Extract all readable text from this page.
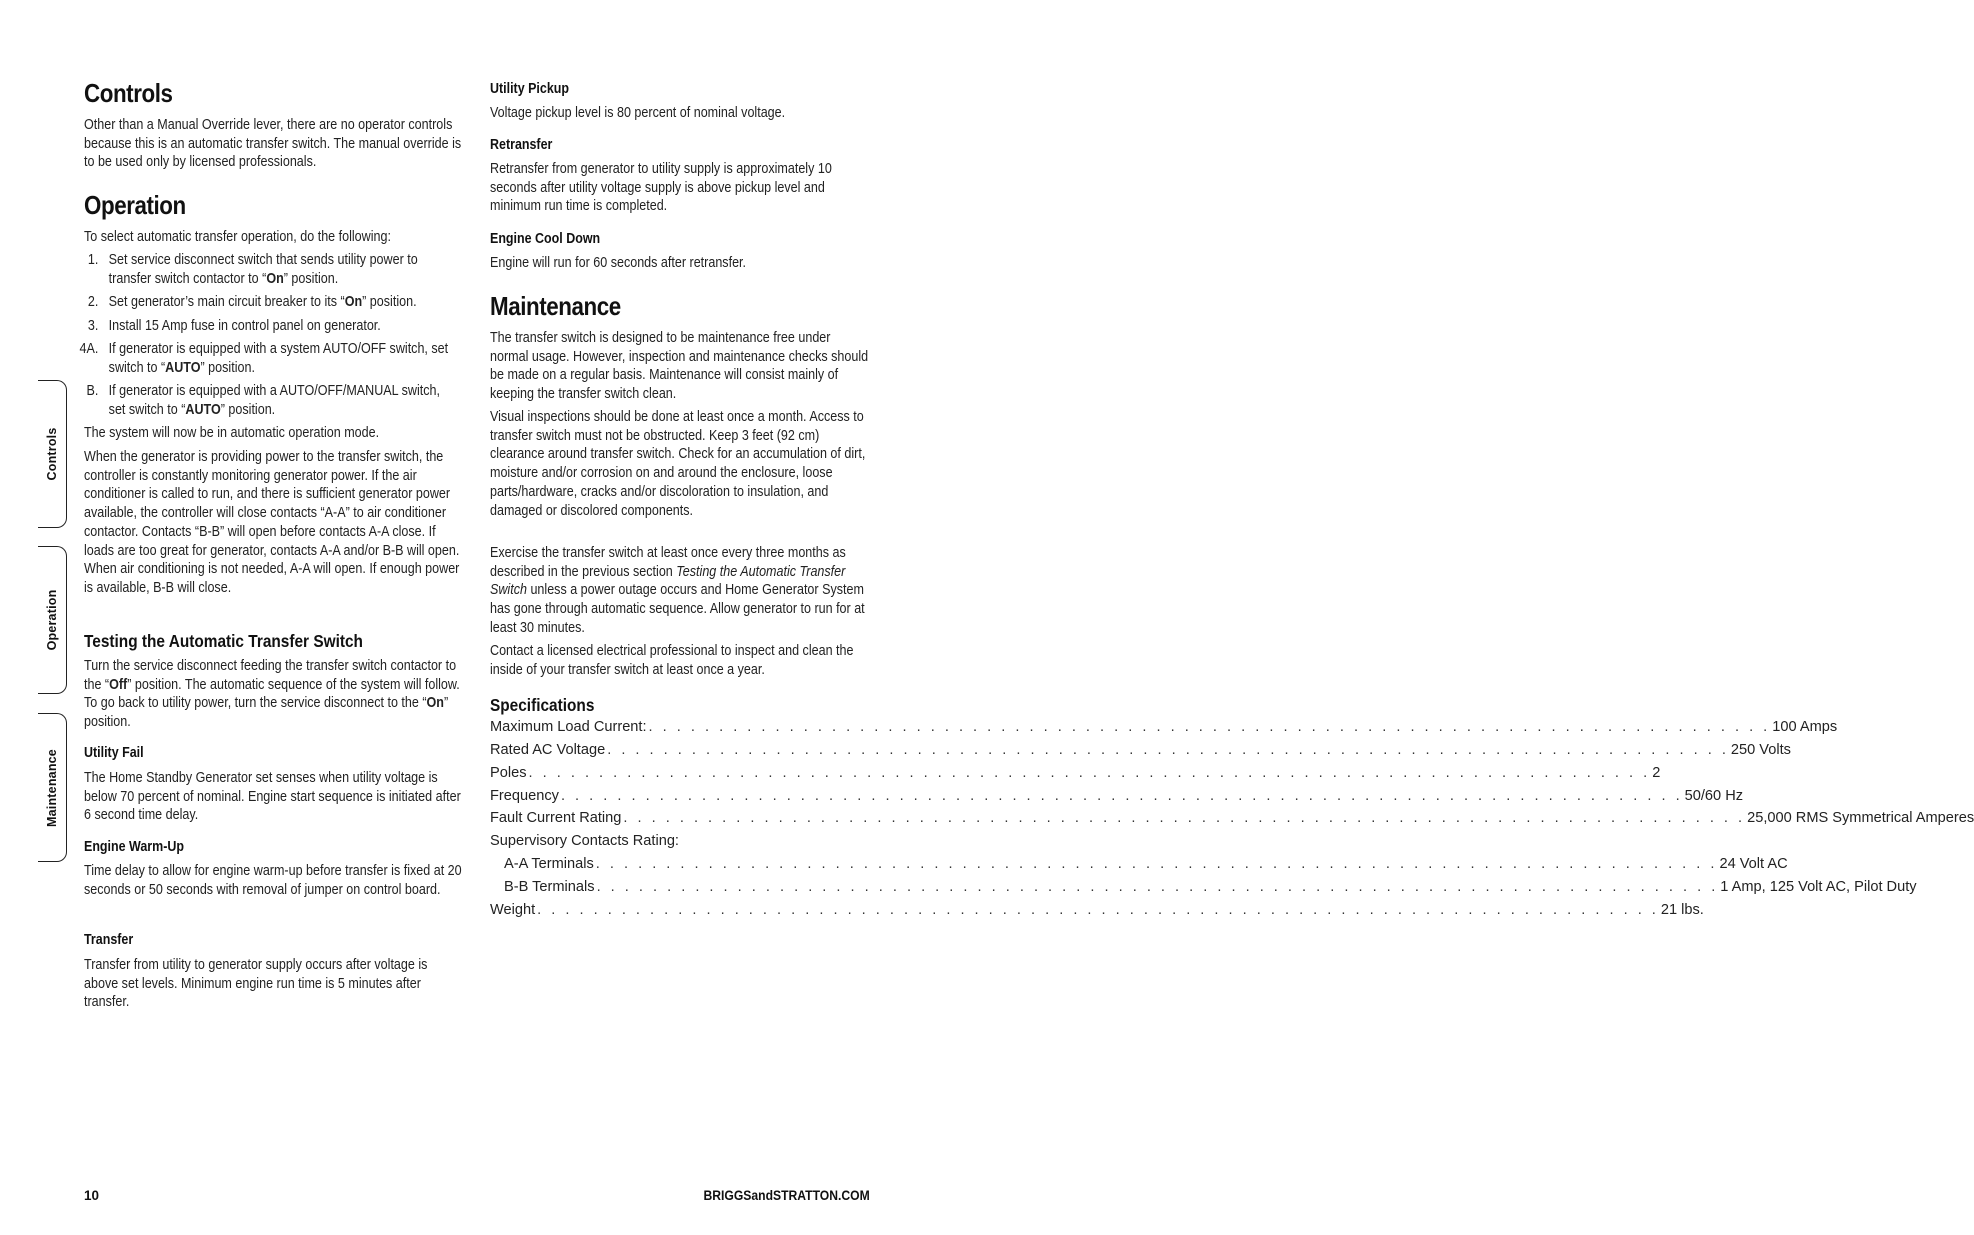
Controls
Operation
Maintenance
Controls

Other than a Manual Override lever, there are no operator controls because this is an automatic transfer switch. The manual override is to be used only by licensed professionals.

Operation

To select automatic transfer operation, do the following:

1. Set service disconnect switch that sends utility power to transfer switch contactor to “On” position.
2. Set generator’s main circuit breaker to its “On” position.
3. Install 15 Amp fuse in control panel on generator.
4A. If generator is equipped with a system AUTO/OFF switch, set switch to “AUTO” position.
B. If generator is equipped with a AUTO/OFF/MANUAL switch, set switch to “AUTO” position.

The system will now be in automatic operation mode.

When the generator is providing power to the transfer switch, the controller is constantly monitoring generator power. If the air conditioner is called to run, and there is sufficient generator power available, the controller will close contacts “A-A” to air conditioner contactor. Contacts “B-B” will open before contacts A-A close. If loads are too great for generator, contacts A-A and/or B-B will open. When air conditioning is not needed, A-A will open. If enough power is available, B-B will close.

Testing the Automatic Transfer Switch

Turn the service disconnect feeding the transfer switch contactor to the “Off” position. The automatic sequence of the system will follow. To go back to utility power, turn the service disconnect to the “On” position.

Utility Fail

The Home Standby Generator set senses when utility voltage is below 70 percent of nominal. Engine start sequence is initiated after 6 second time delay.

Engine Warm-Up

Time delay to allow for engine warm-up before transfer is fixed at 20 seconds or 50 seconds with removal of jumper on control board.

Transfer

Transfer from utility to generator supply occurs after voltage is above set levels. Minimum engine run time is 5 minutes after transfer.

Utility Pickup

Voltage pickup level is 80 percent of nominal voltage.

Retransfer

Retransfer from generator to utility supply is approximately 10 seconds after utility voltage supply is above pickup level and minimum run time is completed.

Engine Cool Down

Engine will run for 60 seconds after retransfer.

Maintenance

The transfer switch is designed to be maintenance free under normal usage. However, inspection and maintenance checks should be made on a regular basis. Maintenance will consist mainly of keeping the transfer switch clean.

Visual inspections should be done at least once a month. Access to transfer switch must not be obstructed. Keep 3 feet (92 cm) clearance around transfer switch. Check for an accumulation of dirt, moisture and/or corrosion on and around the enclosure, loose parts/hardware, cracks and/or discoloration to insulation, and damaged or discolored components.

Exercise the transfer switch at least once every three months as described in the previous section Testing the Automatic Transfer Switch unless a power outage occurs and Home Generator System has gone through automatic sequence. Allow generator to run for at least 30 minutes.

Contact a licensed electrical professional to inspect and clean the inside of your transfer switch at least once a year.

Specifications
Maximum Load Current: . . . . . . . . . . . . . . . . . . . . . . . . . . . . . . . . . . . . . . . . . . . . . . . . . . . . . . . . . . . . . . . . . . . . . . . . . . . . . . . . 100 Amps
Rated AC Voltage . . . . . . . . . . . . . . . . . . . . . . . . . . . . . . . . . . . . . . . . . . . . . . . . . . . . . . . . . . . . . . . . . . . . . . . . . . . . . . . . 250 Volts
Poles . . . . . . . . . . . . . . . . . . . . . . . . . . . . . . . . . . . . . . . . . . . . . . . . . . . . . . . . . . . . . . . . . . . . . . . . . . . . . . . . 2
Frequency . . . . . . . . . . . . . . . . . . . . . . . . . . . . . . . . . . . . . . . . . . . . . . . . . . . . . . . . . . . . . . . . . . . . . . . . . . . . . . . . 50/60 Hz
Fault Current Rating . . . . . . . . . . . . . . . . . . . . . . . . . . . . . . . . . . . . . . . . . . . . . . . . . . . . . . . . . . . . . . . . . . . . . . . . . . . . . . . . 25,000 RMS Symmetrical Amperes
Supervisory Contacts Rating:
A-A Terminals . . . . . . . . . . . . . . . . . . . . . . . . . . . . . . . . . . . . . . . . . . . . . . . . . . . . . . . . . . . . . . . . . . . . . . . . . . . . . . . . 24 Volt AC
B-B Terminals . . . . . . . . . . . . . . . . . . . . . . . . . . . . . . . . . . . . . . . . . . . . . . . . . . . . . . . . . . . . . . . . . . . . . . . . . . . . . . . . 1 Amp, 125 Volt AC, Pilot Duty
Weight . . . . . . . . . . . . . . . . . . . . . . . . . . . . . . . . . . . . . . . . . . . . . . . . . . . . . . . . . . . . . . . . . . . . . . . . . . . . . . . . 21 lbs.
10	BRIGGSandSTRATTON.COM
